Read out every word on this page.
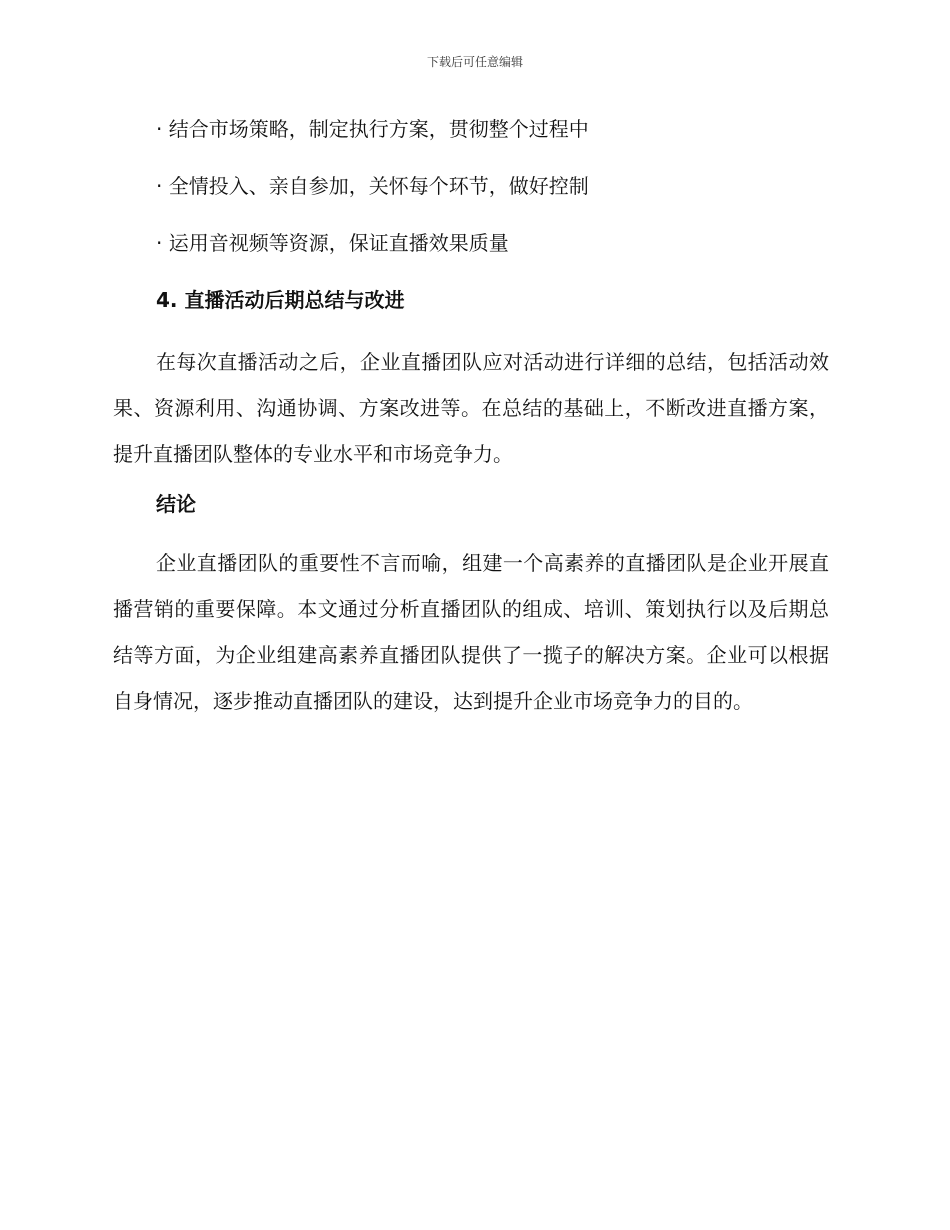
下载后可任意编辑
· 结合市场策略，制定执行方案，贯彻整个过程中
· 全情投入、亲自参加，关怀每个环节，做好控制
· 运用音视频等资源，保证直播效果质量
4. 直播活动后期总结与改进

在每次直播活动之后，企业直播团队应对活动进行详细的总结，包括活动效果、资源利用、沟通协调、方案改进等。在总结的基础上，不断改进直播方案，提升直播团队整体的专业水平和市场竞争力。

结论

企业直播团队的重要性不言而喻，组建一个高素养的直播团队是企业开展直播营销的重要保障。本文通过分析直播团队的组成、培训、策划执行以及后期总结等方面，为企业组建高素养直播团队提供了一揽子的解决方案。企业可以根据自身情况，逐步推动直播团队的建设，达到提升企业市场竞争力的目的。
